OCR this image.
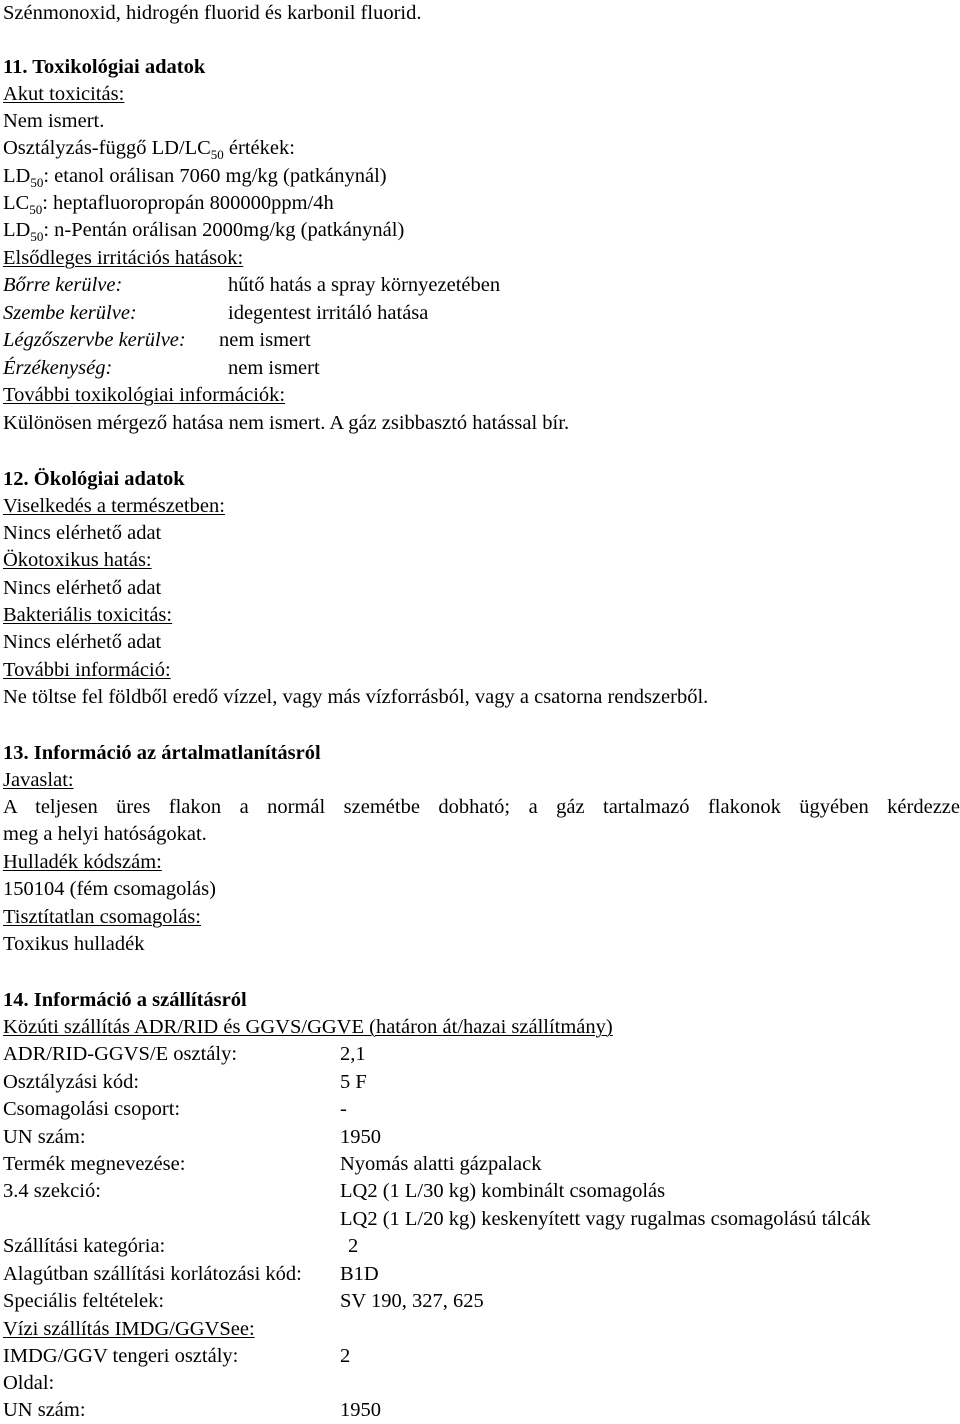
Szénmonoxid, hidrogén fluorid és karbonil fluorid.
11. Toxikológiai adatok
Akut toxicitás:
Nem ismert.
Osztályzás-függő $LD/LC_{50}$ értékek:
$LD_{50}$: etanol orálisan 7060 mg/kg (patkánynál)
$LC_{50}$: heptafluoropropán 800000ppm/4h
$LD_{50}$: n-Pentán orálisan 2000mg/kg (patkánynál)
Elsődleges irritációs hatások:
Bőrre kerülve:	hűtő hatás a spray környezetében
Szembe kerülve:	idegentest irritáló hatása
Légzőszervbe kerülve: nem ismert
Érzékenység:	nem ismert
További toxikológiai információk:
Különösen mérgező hatása nem ismert. A gáz zsibbasztó hatással bír.
12. Ökológiai adatok
Viselkedés a természetben:
Nincs elérhető adat
Ökotoxikus hatás:
Nincs elérhető adat
Bakteriális toxicitás:
Nincs elérhető adat
További információ:
Ne töltse fel földből eredő vízzel, vagy más vízforrásból, vagy a csatorna rendszerből.
13. Információ az ártalmatlanításról
Javaslat:
A teljesen üres flakon a normál szemétbe dobható; a gáz tartalmazó flakonok ügyében kérdezze
meg a helyi hatóságokat.
Hulladék kódszám:
150104 (fém csomagolás)
Tisztítatlan csomagolás:
Toxikus hulladék
14. Információ a szállításról
Közúti szállítás ADR/RID és GGVS/GGVE (határon át/hazai szállítmány)
ADR/RID-GGVS/E osztály:	2,1
Osztályzási kód:	5 F
Csomagolási csoport:	-
UN szám:	1950
Termék megnevezése:	Nyomás alatti gázpalack
3.4 szekció:	LQ2 (1 L/30 kg) kombinált csomagolás
LQ2 (1 L/20 kg) keskenyített vagy rugalmas csomagolású tálcák
Szállítási kategória:	2
Alagútban szállítási korlátozási kód: B1D
Speciális feltételek:	SV 190, 327, 625
Vízi szállítás IMDG/GGVSee:
IMDG/GGV tengeri osztály:	2
Oldal:
UN szám:	1950
